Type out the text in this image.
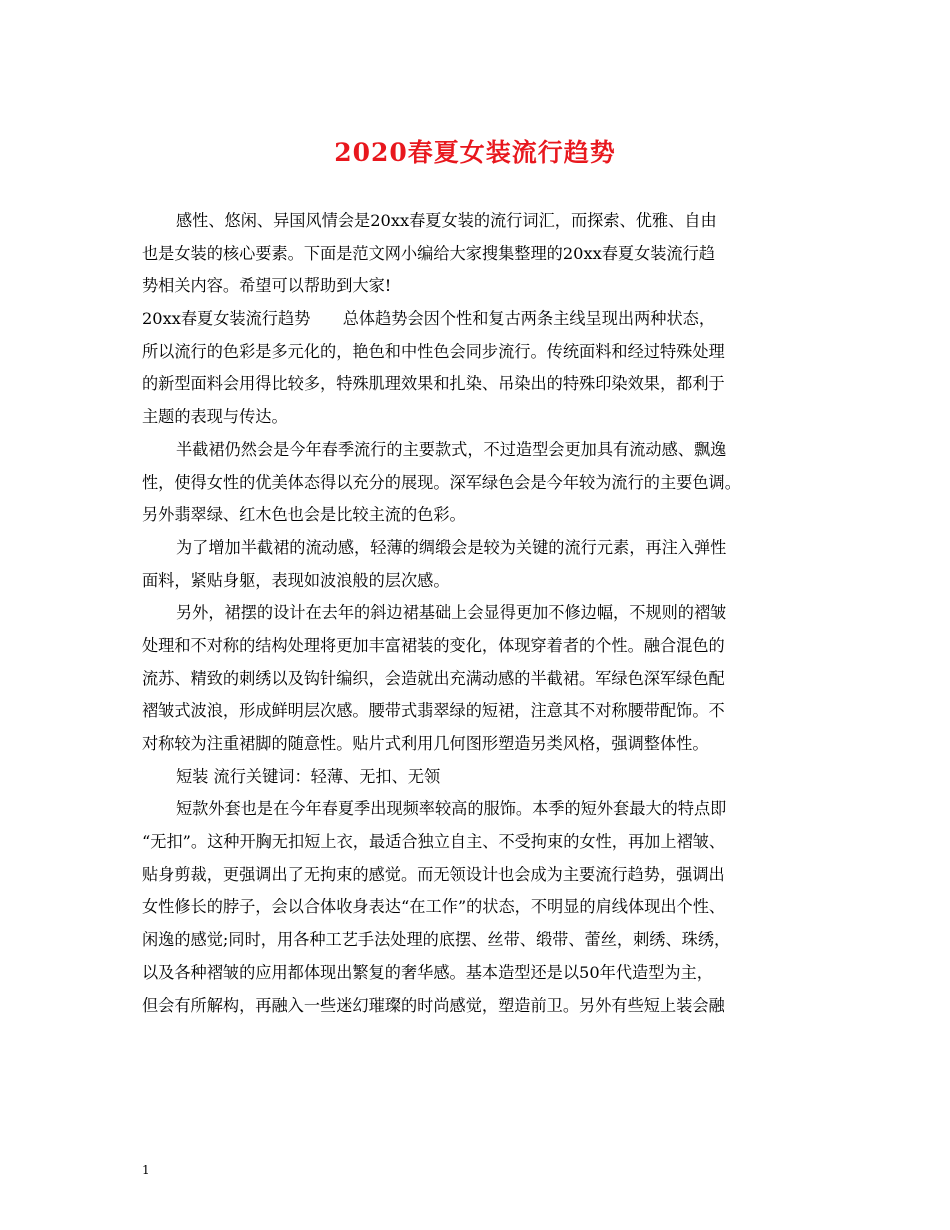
2020春夏女装流行趋势
感性、悠闲、异国风情会是20xx春夏女装的流行词汇，而探索、优雅、自由
也是女装的核心要素。下面是范文网小编给大家搜集整理的20xx春夏女装流行趋
势相关内容。希望可以帮助到大家!
20xx春夏女装流行趋势　　总体趋势会因个性和复古两条主线呈现出两种状态，
所以流行的色彩是多元化的，艳色和中性色会同步流行。传统面料和经过特殊处理
的新型面料会用得比较多，特殊肌理效果和扎染、吊染出的特殊印染效果，都利于
主题的表现与传达。
半截裙仍然会是今年春季流行的主要款式，不过造型会更加具有流动感、飘逸
性，使得女性的优美体态得以充分的展现。深军绿色会是今年较为流行的主要色调。
另外翡翠绿、红木色也会是比较主流的色彩。
为了增加半截裙的流动感，轻薄的绸缎会是较为关键的流行元素，再注入弹性
面料，紧贴身躯，表现如波浪般的层次感。
另外，裙摆的设计在去年的斜边裙基础上会显得更加不修边幅，不规则的褶皱
处理和不对称的结构处理将更加丰富裙装的变化，体现穿着者的个性。融合混色的
流苏、精致的刺绣以及钩针编织，会造就出充满动感的半截裙。军绿色深军绿色配
褶皱式波浪，形成鲜明层次感。腰带式翡翠绿的短裙，注意其不对称腰带配饰。不
对称较为注重裙脚的随意性。贴片式利用几何图形塑造另类风格，强调整体性。
短装 流行关键词：轻薄、无扣、无领
短款外套也是在今年春夏季出现频率较高的服饰。本季的短外套最大的特点即
“无扣”。这种开胸无扣短上衣，最适合独立自主、不受拘束的女性，再加上褶皱、
贴身剪裁，更强调出了无拘束的感觉。而无领设计也会成为主要流行趋势，强调出
女性修长的脖子，会以合体收身表达“在工作”的状态，不明显的肩线体现出个性、
闲逸的感觉;同时，用各种工艺手法处理的底摆、丝带、缎带、蕾丝，刺绣、珠绣，
以及各种褶皱的应用都体现出繁复的奢华感。基本造型还是以50年代造型为主，
但会有所解构，再融入一些迷幻璀璨的时尚感觉，塑造前卫。另外有些短上装会融
1
